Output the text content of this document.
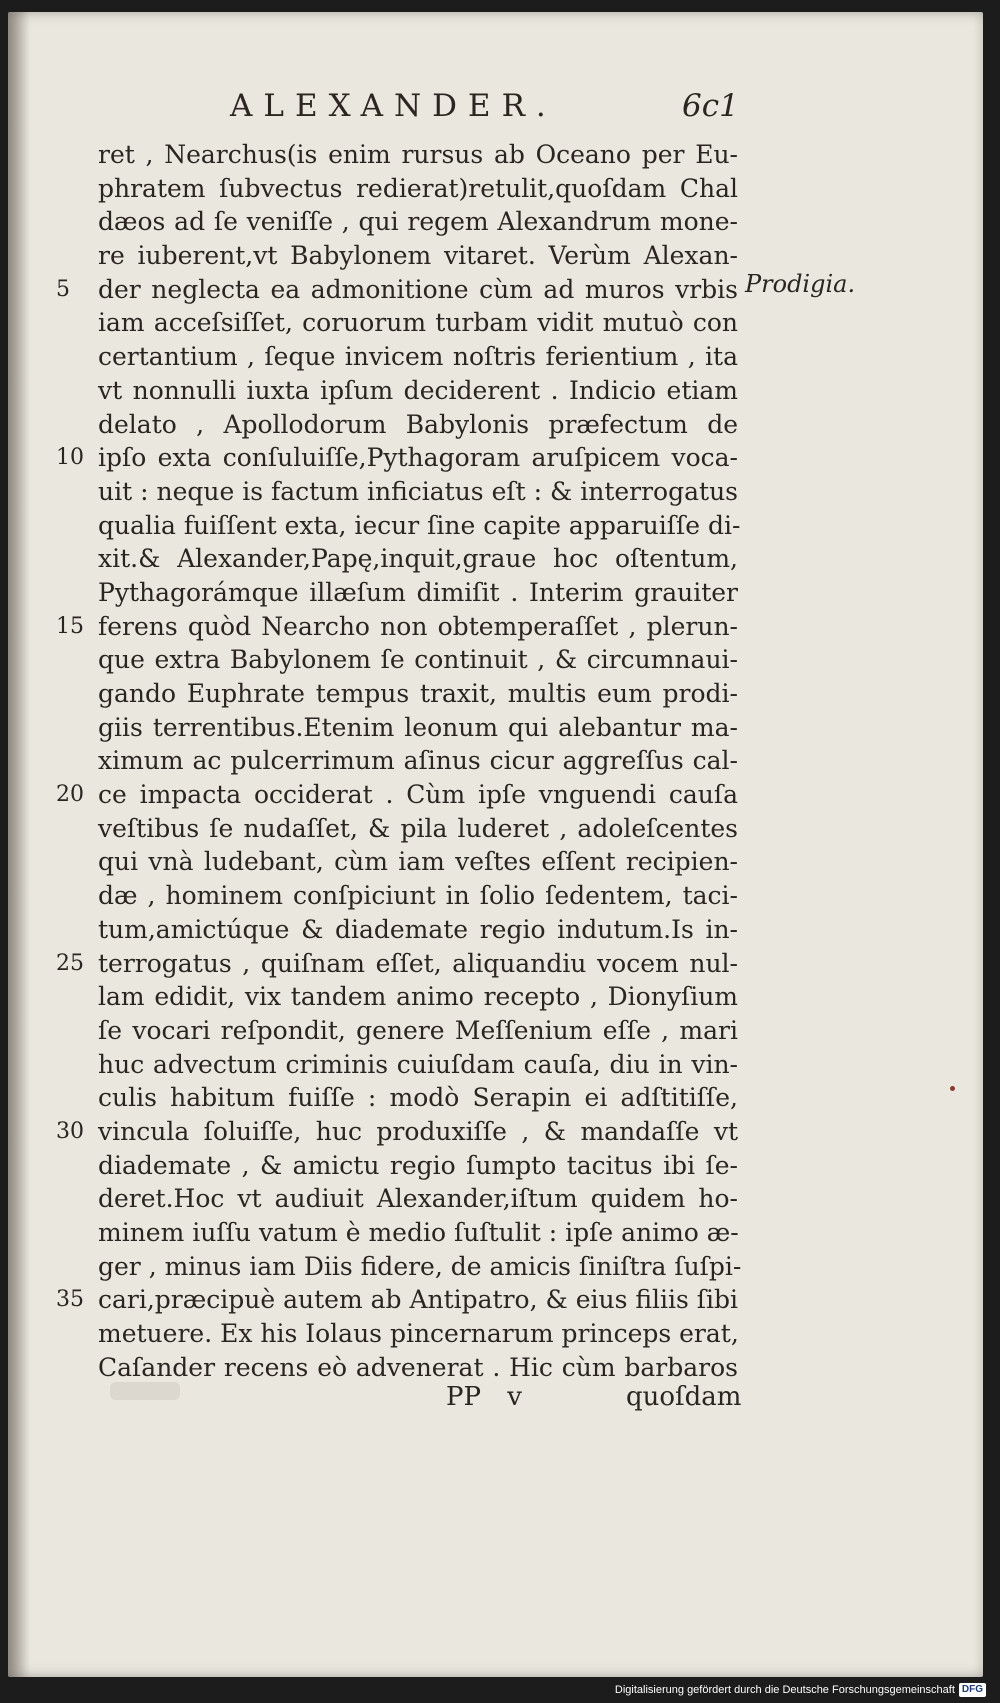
ALEXANDER.	6c1
Prodigia.
ret , Nearchus(is enim rursus ab Oceano per Eu-
phratem ſubvectus redierat)retulit,quoſdam Chal
dæos ad ſe veniſſe , qui regem Alexandrum mone-
re iuberent,vt Babylonem vitaret. Verùm Alexan-
5 der neglecta ea admonitione cùm ad muros vrbis
iam acceſsiſſet, coruorum turbam vidit mutuò con
certantium , ſeque invicem noſtris ferientium , ita
vt nonnulli iuxta ipſum deciderent . Indicio etiam
delato , Apollodorum Babylonis præfectum de
10 ipſo exta conſuluiſſe,Pythagoram aruſpicem voca-
uit : neque is factum inficiatus eſt : & interrogatus
qualia fuiſſent exta, iecur ſine capite apparuiſſe di-
xit.& Alexander,Papę,inquit,graue hoc oſtentum,
Pythagorámque illæſum dimiſit . Interim grauiter
15 ferens quòd Nearcho non obtemperaſſet , plerun-
que extra Babylonem ſe continuit , & circumnaui-
gando Euphrate tempus traxit, multis eum prodi-
giis terrentibus.Etenim leonum qui alebantur ma-
ximum ac pulcerrimum aſinus cicur aggreſſus cal-
20 ce impacta occiderat . Cùm ipſe vnguendi cauſa
veſtibus ſe nudaſſet, & pila luderet , adoleſcentes
qui vnà ludebant, cùm iam veſtes eſſent recipien-
dæ , hominem conſpiciunt in ſolio ſedentem, taci-
tum,amictúque & diademate regio indutum.Is in-
25 terrogatus , quiſnam eſſet, aliquandiu vocem nul-
lam edidit, vix tandem animo recepto , Dionyſium
ſe vocari reſpondit, genere Meſſenium eſſe , mari
huc advectum criminis cuiuſdam cauſa, diu in vin-
culis habitum fuiſſe : modò Serapin ei adſtitiſſe,
30 vincula ſoluiſſe, huc produxiſſe , & mandaſſe vt
diademate , & amictu regio ſumpto tacitus ibi ſe-
deret.Hoc vt audiuit Alexander,iſtum quidem ho-
minem iuſſu vatum è medio ſuſtulit : ipſe animo æ-
ger , minus iam Diis fidere, de amicis ſiniſtra ſuſpi-
35 cari,præcipuè autem ab Antipatro, & eius filiis ſibi
metuere. Ex his Iolaus pincernarum princeps erat,
Caſander recens eò advenerat . Hic cùm barbaros
PP v	quoſdam
Digitalisierung gefördert durch die Deutsche Forschungsgemeinschaft DFG
